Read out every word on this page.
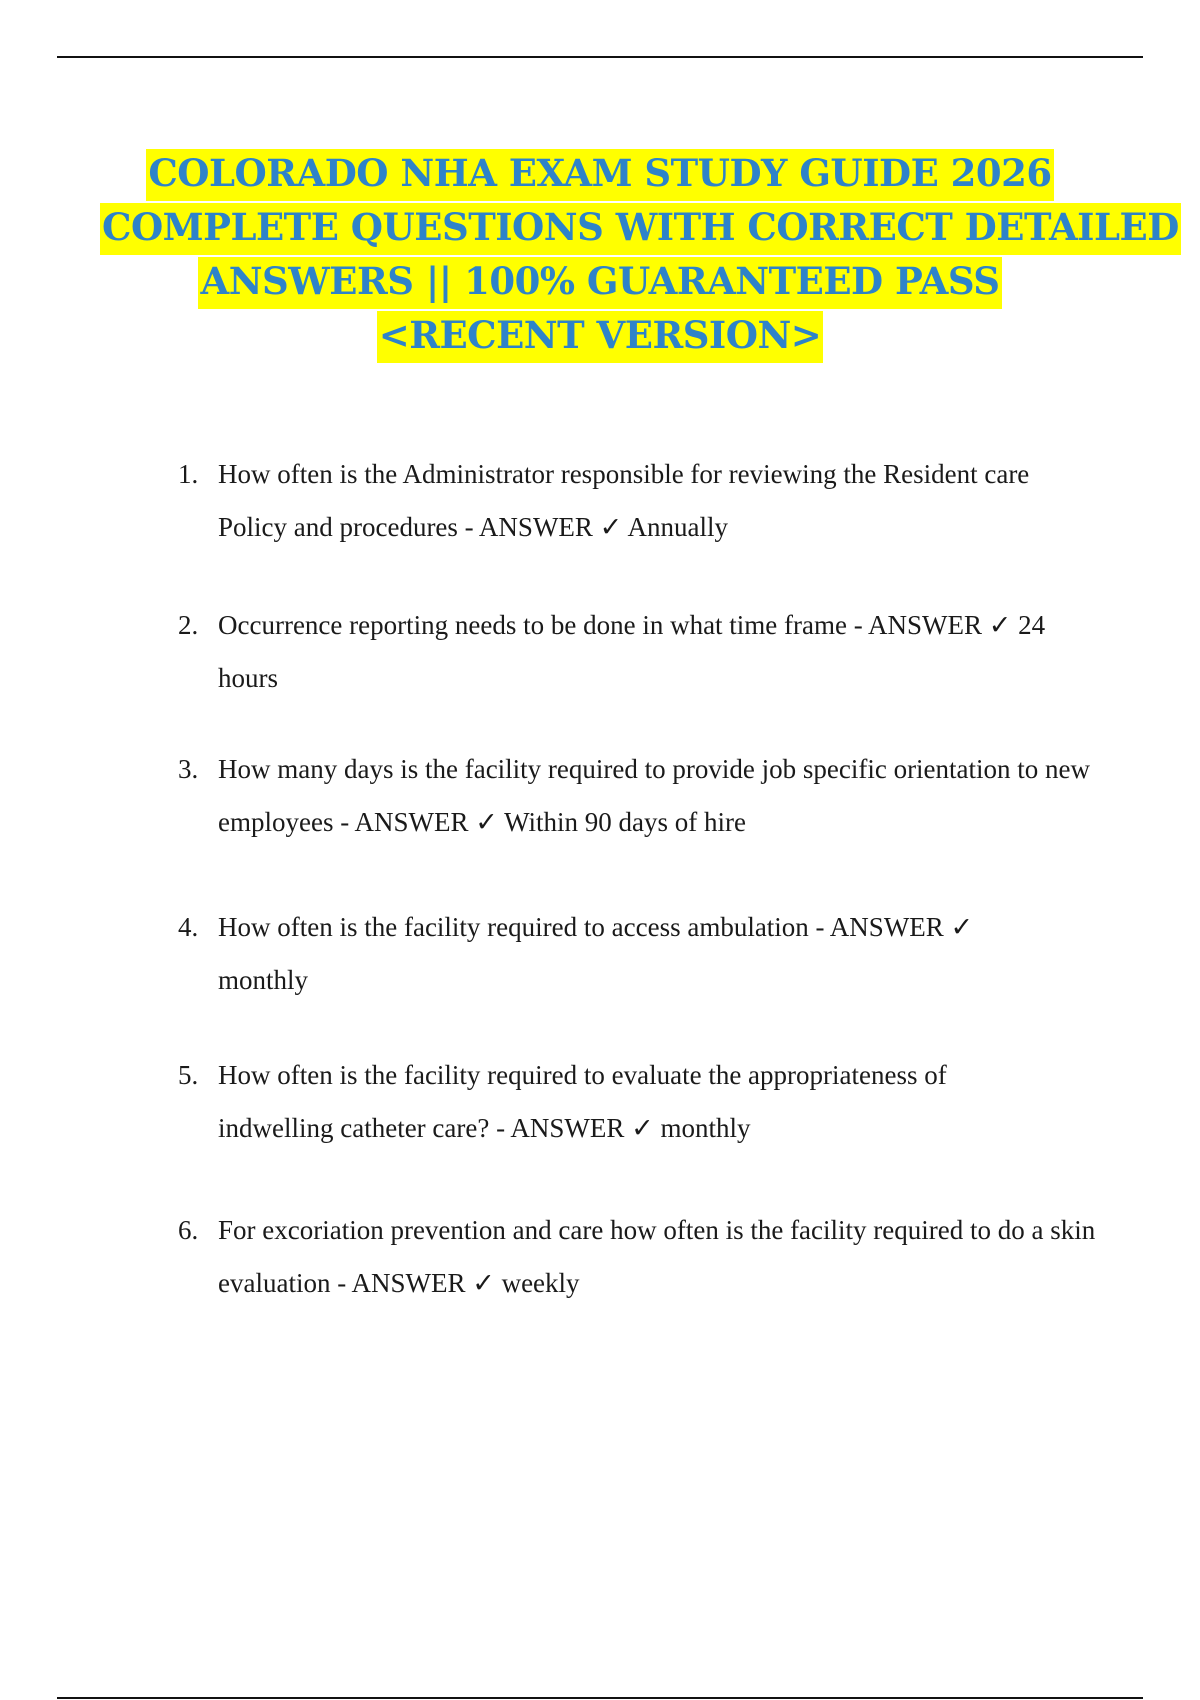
COLORADO NHA EXAM STUDY GUIDE 2026
COMPLETE QUESTIONS WITH CORRECT DETAILED
ANSWERS || 100% GUARANTEED PASS
<RECENT VERSION>
1. How often is the Administrator responsible for reviewing the Resident care Policy and procedures - ANSWER ✓ Annually
2. Occurrence reporting needs to be done in what time frame - ANSWER ✓ 24 hours
3. How many days is the facility required to provide job specific orientation to new employees - ANSWER ✓ Within 90 days of hire
4. How often is the facility required to access ambulation - ANSWER ✓ monthly
5. How often is the facility required to evaluate the appropriateness of indwelling catheter care? - ANSWER ✓ monthly
6. For excoriation prevention and care how often is the facility required to do a skin evaluation - ANSWER ✓ weekly
